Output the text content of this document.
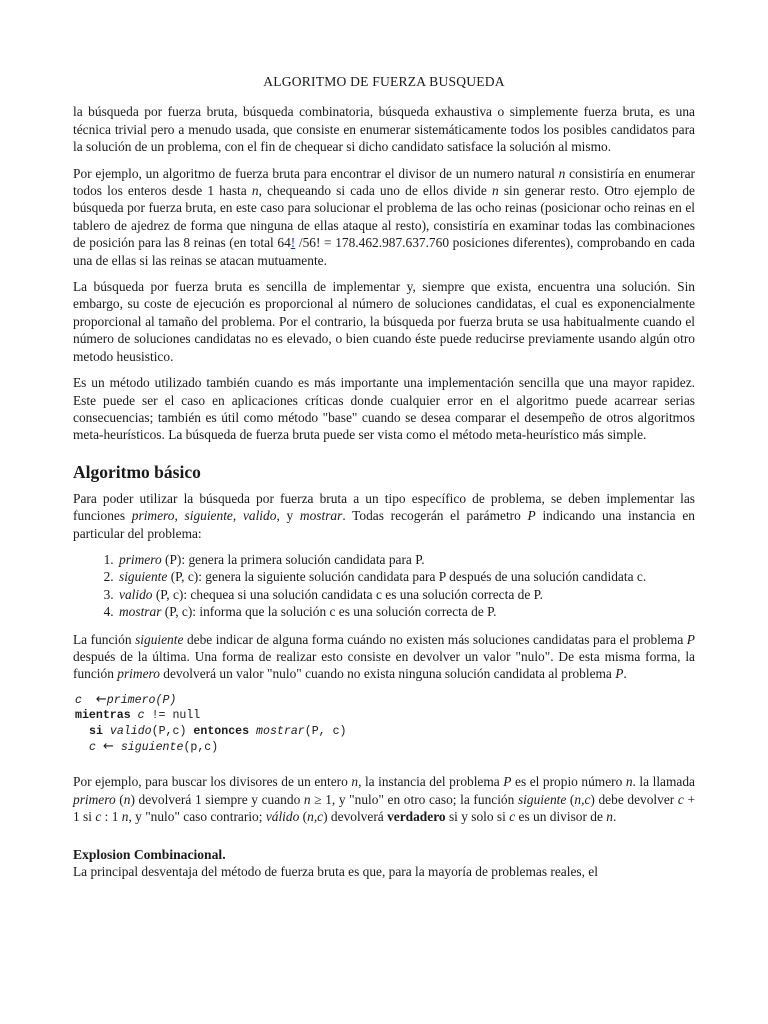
ALGORITMO DE FUERZA BUSQUEDA

la búsqueda por fuerza bruta, búsqueda combinatoria, búsqueda exhaustiva o simplemente fuerza bruta, es una técnica trivial pero a menudo usada, que consiste en enumerar sistemáticamente todos los posibles candidatos para la solución de un problema, con el fin de chequear si dicho candidato satisface la solución al mismo.

Por ejemplo, un algoritmo de fuerza bruta para encontrar el divisor de un numero natural n consistiría en enumerar todos los enteros desde 1 hasta n, chequeando si cada uno de ellos divide n sin generar resto. Otro ejemplo de búsqueda por fuerza bruta, en este caso para solucionar el problema de las ocho reinas (posicionar ocho reinas en el tablero de ajedrez de forma que ninguna de ellas ataque al resto), consistiría en examinar todas las combinaciones de posición para las 8 reinas (en total 64! /56! = 178.462.987.637.760 posiciones diferentes), comprobando en cada una de ellas si las reinas se atacan mutuamente.

La búsqueda por fuerza bruta es sencilla de implementar y, siempre que exista, encuentra una solución. Sin embargo, su coste de ejecución es proporcional al número de soluciones candidatas, el cual es exponencialmente proporcional al tamaño del problema. Por el contrario, la búsqueda por fuerza bruta se usa habitualmente cuando el número de soluciones candidatas no es elevado, o bien cuando éste puede reducirse previamente usando algún otro metodo heusistico.

Es un método utilizado también cuando es más importante una implementación sencilla que una mayor rapidez. Este puede ser el caso en aplicaciones críticas donde cualquier error en el algoritmo puede acarrear serias consecuencias; también es útil como método "base" cuando se desea comparar el desempeño de otros algoritmos meta-heurísticos. La búsqueda de fuerza bruta puede ser vista como el método meta-heurístico más simple.

Algoritmo básico

Para poder utilizar la búsqueda por fuerza bruta a un tipo específico de problema, se deben implementar las funciones primero, siguiente, valido, y mostrar. Todas recogerán el parámetro P indicando una instancia en particular del problema:

1. primero (P): genera la primera solución candidata para P.
2. siguiente (P, c): genera la siguiente solución candidata para P después de una solución candidata c.
3. valido (P, c): chequea si una solución candidata c es una solución correcta de P.
4. mostrar (P, c): informa que la solución c es una solución correcta de P.

La función siguiente debe indicar de alguna forma cuándo no existen más soluciones candidatas para el problema P después de la última. Una forma de realizar esto consiste en devolver un valor "nulo". De esta misma forma, la función primero devolverá un valor "nulo" cuando no exista ninguna solución candidata al problema P.

c ←primero(P)
mientras c != null
si valido(P,c) entonces mostrar(P, c)
c ← siguiente(p,c)

Por ejemplo, para buscar los divisores de un entero n, la instancia del problema P es el propio número n. la llamada primero (n) devolverá 1 siempre y cuando n ≥ 1, y "nulo" en otro caso; la función siguiente (n,c) debe devolver c + 1 si c : 1 n, y "nulo" caso contrario; válido (n,c) devolverá verdadero si y solo si c es un divisor de n.

Explosion Combinacional.

La principal desventaja del método de fuerza bruta es que, para la mayoría de problemas reales, el
